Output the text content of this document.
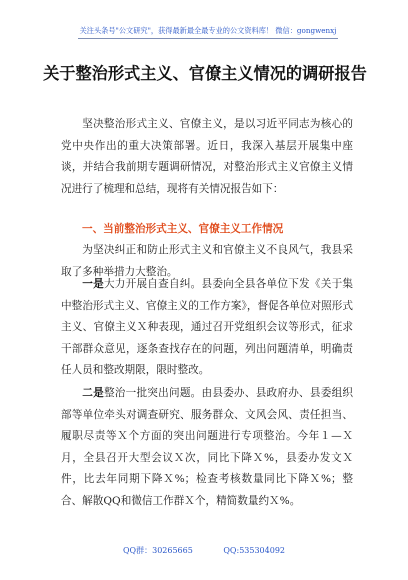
关注头条号"公文研究"，获得最新最全最专业的公文资料库！ 微信：gongwenxj
关于整治形式主义、官僚主义情况的调研报告
坚决整治形式主义、官僚主义，是以习近平同志为核心的党中央作出的重大决策部署。近日，我深入基层开展集中座谈，并结合我前期专题调研情况，对整治形式主义官僚主义情况进行了梳理和总结，现将有关情况报告如下：
一、当前整治形式主义、官僚主义工作情况
为坚决纠正和防止形式主义和官僚主义不良风气，我县采取了多种举措力大整治。
一是大力开展自查自纠。县委向全县各单位下发《关于集中整治形式主义、官僚主义的工作方案》，督促各单位对照形式主义、官僚主义Ｘ种表现，通过召开党组织会议等形式，征求干部群众意见，逐条查找存在的问题，列出问题清单，明确责任人员和整改期限，限时整改。
二是整治一批突出问题。由县委办、县政府办、县委组织部等单位牵头对调查研究、服务群众、文风会风、责任担当、履职尽责等Ｘ个方面的突出问题进行专项整治。今年１—Ｘ月，全县召开大型会议Ｘ次，同比下降Ｘ%，县委办发文Ｘ件，比去年同期下降Ｘ%；检查考核数量同比下降Ｘ%；整合、解散QQ和微信工作群Ｘ个，精简数量约Ｘ%。
QQ群：30265665	QQ:535304092
